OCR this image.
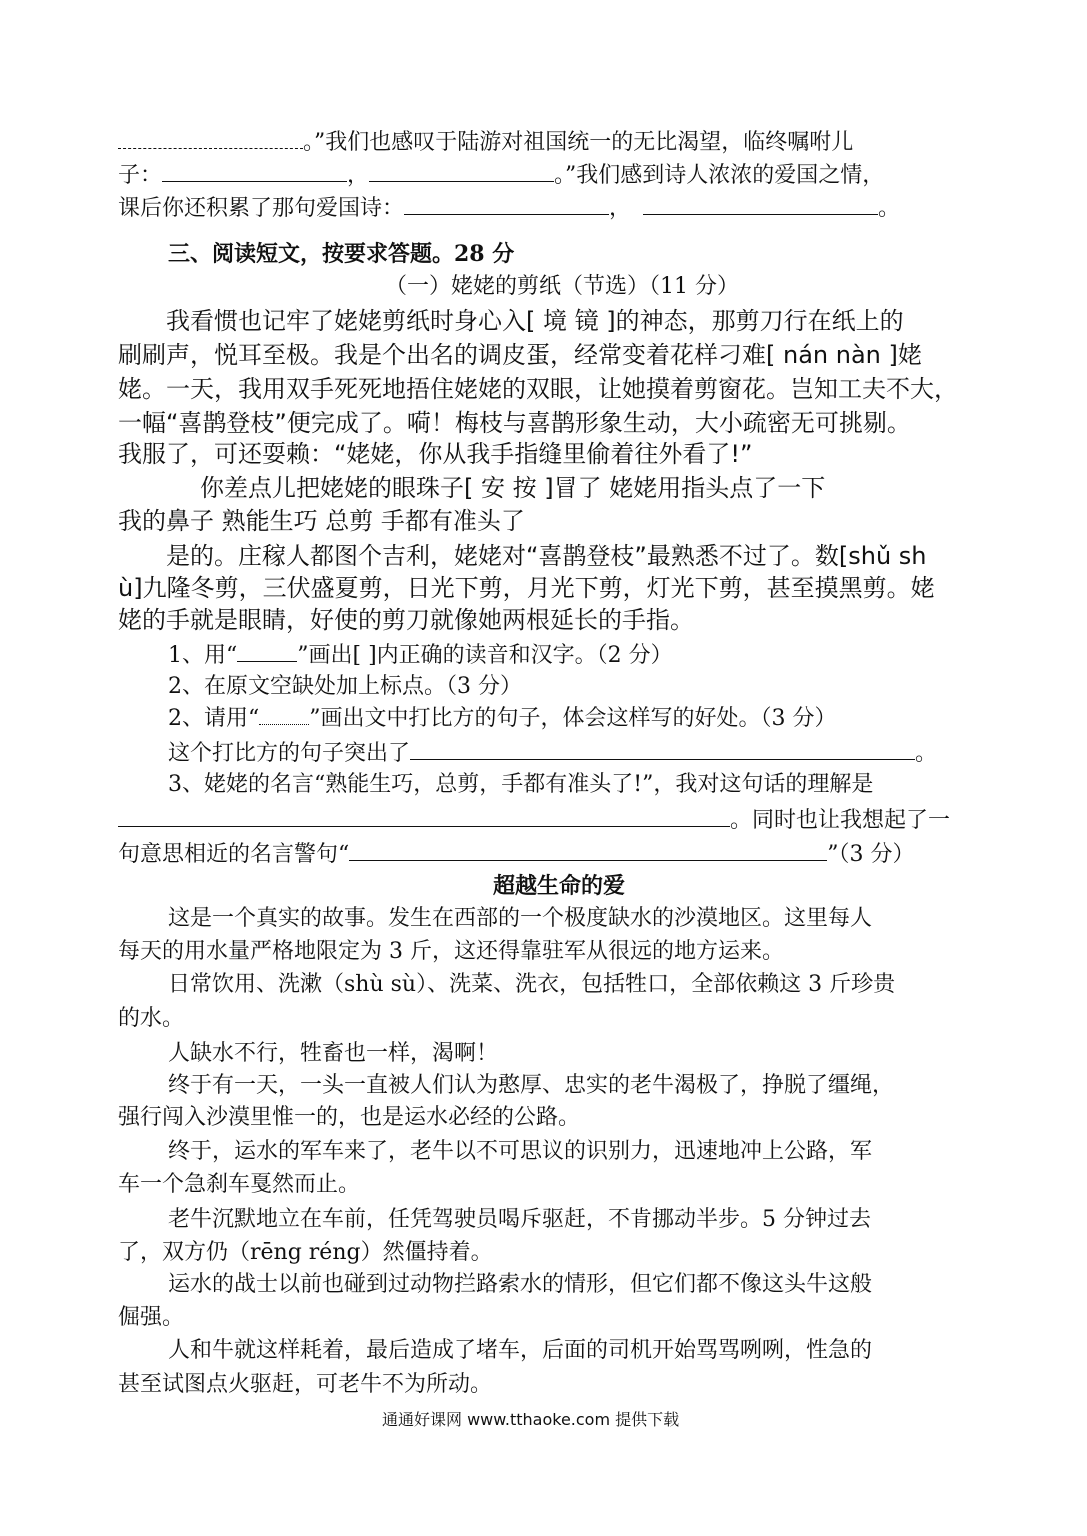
。”我们也感叹于陆游对祖国统一的无比渴望，临终嘱咐儿
子：	，	。”我们感到诗人浓浓的爱国之情，
课后你还积累了那句爱国诗：	，	。
三、阅读短文，按要求答题。28 分
（一）姥姥的剪纸（节选）（11 分）
我看惯也记牢了姥姥剪纸时身心入[ 境 镜 ]的神态，那剪刀行在纸上的
刷刷声，悦耳至极。我是个出名的调皮蛋，经常变着花样刁难[ nán nàn ]姥
姥。一天，我用双手死死地捂住姥姥的双眼，让她摸着剪窗花。岂知工夫不大，
一幅“喜鹊登枝”便完成了。嗬！梅枝与喜鹊形象生动，大小疏密无可挑剔。
我服了，可还耍赖：“姥姥，你从我手指缝里偷着往外看了!”
你差点儿把姥姥的眼珠子[ 安 按 ]冒了 姥姥用指头点了一下
我的鼻子 熟能生巧 总剪 手都有准头了
是的。庄稼人都图个吉利，姥姥对“喜鹊登枝”最熟悉不过了。数[shǔ sh
ù]九隆冬剪，三伏盛夏剪，日光下剪，月光下剪，灯光下剪，甚至摸黑剪。姥
姥的手就是眼睛，好使的剪刀就像她两根延长的手指。
1、用“	”画出[ ]内正确的读音和汉字。（2 分）
2、在原文空缺处加上标点。（3 分）
2、请用“ ”画出文中打比方的句子，体会这样写的好处。（3 分）
这个打比方的句子突出了	。
3、姥姥的名言“熟能生巧，总剪，手都有准头了!”，我对这句话的理解是
。同时也让我想起了一
句意思相近的名言警句“	”（3 分）
超越生命的爱
这是一个真实的故事。发生在西部的一个极度缺水的沙漠地区。这里每人
每天的用水量严格地限定为 3 斤，这还得靠驻军从很远的地方运来。
日常饮用、洗漱（shù sù）、洗菜、洗衣，包括牲口，全部依赖这 3 斤珍贵
的水。
人缺水不行，牲畜也一样，渴啊！
终于有一天，一头一直被人们认为憨厚、忠实的老牛渴极了，挣脱了缰绳，
强行闯入沙漠里惟一的，也是运水必经的公路。
终于，运水的军车来了，老牛以不可思议的识别力，迅速地冲上公路，军
车一个急刹车戛然而止。
老牛沉默地立在车前，任凭驾驶员喝斥驱赶，不肯挪动半步。5 分钟过去
了，双方仍（rēng réng）然僵持着。
运水的战士以前也碰到过动物拦路索水的情形，但它们都不像这头牛这般
倔强。
人和牛就这样耗着，最后造成了堵车，后面的司机开始骂骂咧咧，性急的
甚至试图点火驱赶，可老牛不为所动。
通通好课网 www.tthaoke.com 提供下载
